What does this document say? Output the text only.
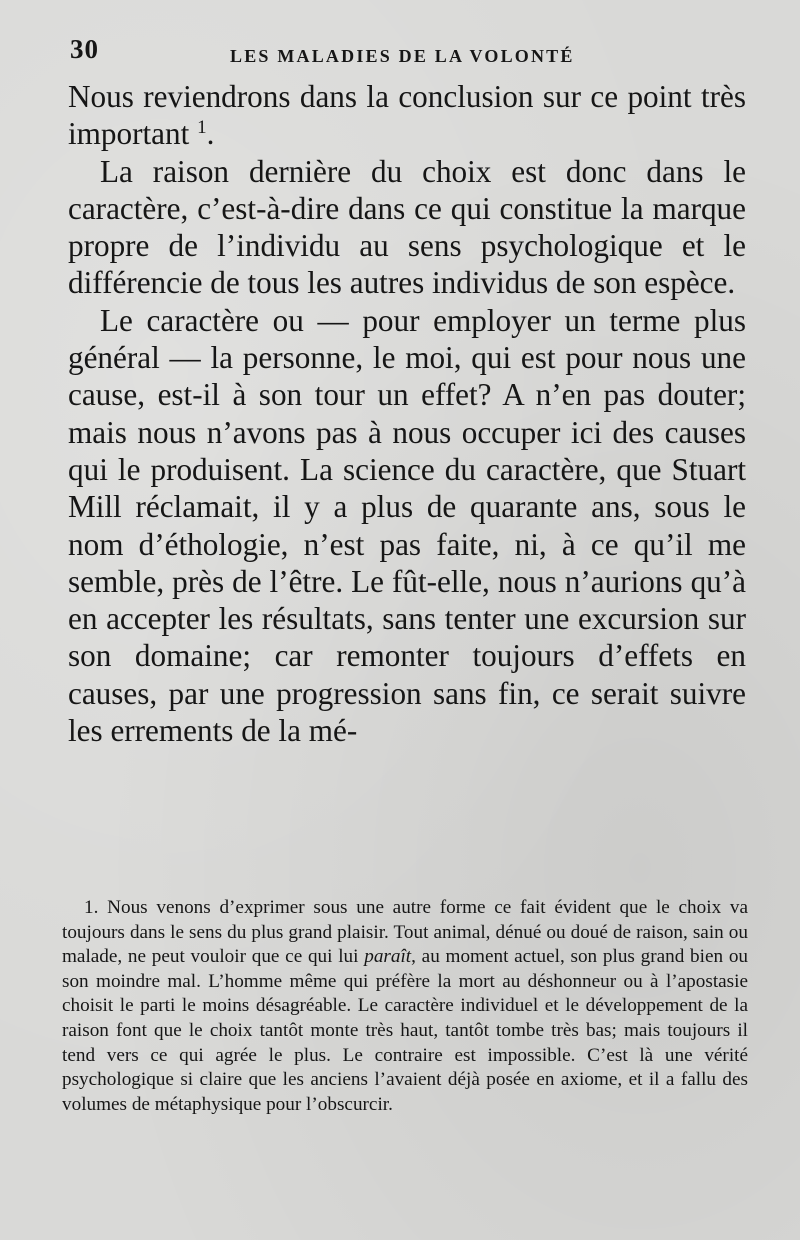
30	LES MALADIES DE LA VOLONTÉ

Nous reviendrons dans la conclusion sur ce point très important $^1$.

La raison dernière du choix est donc dans le caractère, c’est-à-dire dans ce qui constitue la marque propre de l’individu au sens psychologique et le différencie de tous les autres individus de son espèce.

Le caractère ou — pour employer un terme plus général — la personne, le moi, qui est pour nous une cause, est-il à son tour un effet? A n’en pas douter; mais nous n’avons pas à nous occuper ici des causes qui le produisent. La science du caractère, que Stuart Mill réclamait, il y a plus de quarante ans, sous le nom d’éthologie, n’est pas faite, ni, à ce qu’il me semble, près de l’être. Le fût-elle, nous n’aurions qu’à en accepter les résultats, sans tenter une excursion sur son domaine; car remonter toujours d’effets en causes, par une progression sans fin, ce serait suivre les errements de la mé-

1. Nous venons d’exprimer sous une autre forme ce fait évident que le choix va toujours dans le sens du plus grand plaisir. Tout animal, dénué ou doué de raison, sain ou malade, ne peut vouloir que ce qui lui paraît, au moment actuel, son plus grand bien ou son moindre mal. L’homme même qui préfère la mort au déshonneur ou à l’apostasie choisit le parti le moins désagréable. Le caractère individuel et le développement de la raison font que le choix tantôt monte très haut, tantôt tombe très bas; mais toujours il tend vers ce qui agrée le plus. Le contraire est impossible. C’est là une vérité psychologique si claire que les anciens l’avaient déjà posée en axiome, et il a fallu des volumes de métaphysique pour l’obscurcir.
